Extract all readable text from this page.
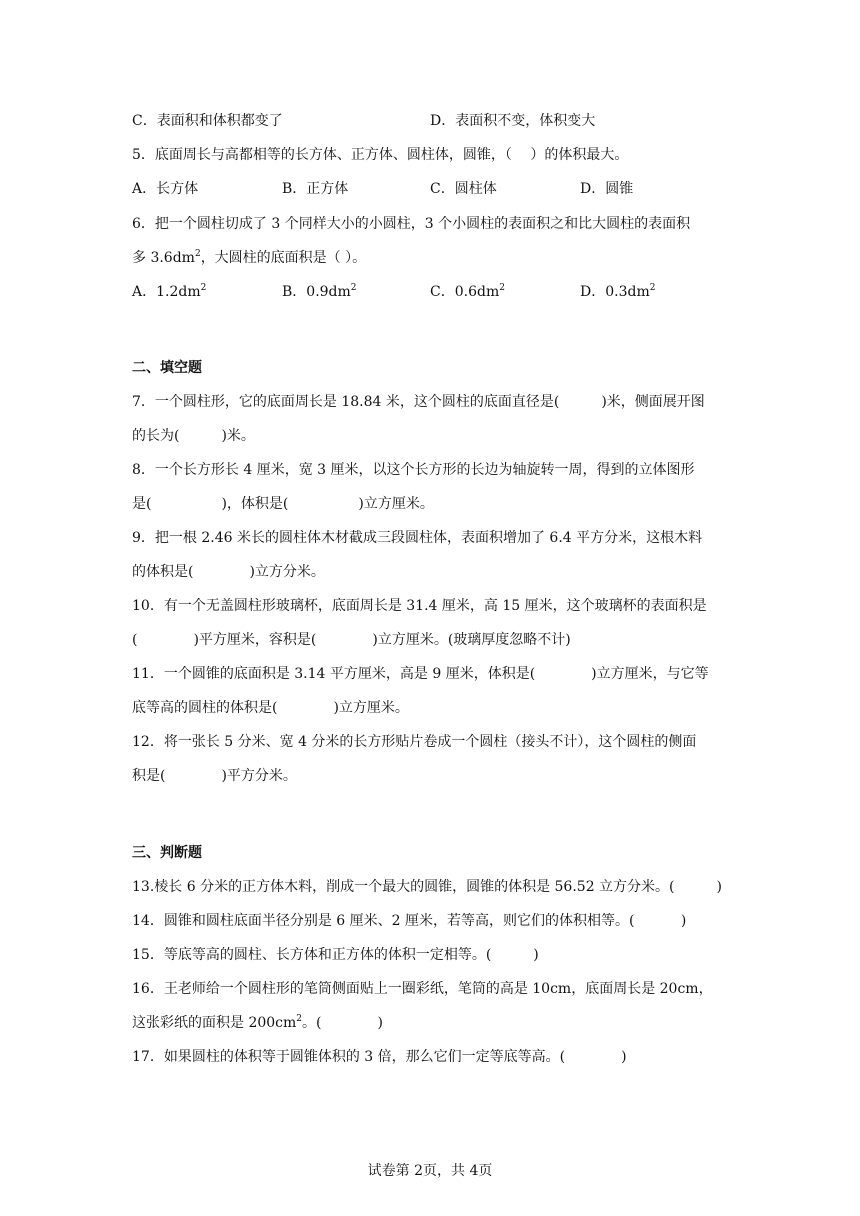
C．表面积和体积都变了	D．表面积不变，体积变大
5．底面周长与高都相等的长方体、正方体、圆柱体，圆锥，（　 ）的体积最大。
A．长方体	B．正方体	C．圆柱体	D．圆锥
6．把一个圆柱切成了 3 个同样大小的小圆柱，3 个小圆柱的表面积之和比大圆柱的表面积
多 $3.6dm^2$，大圆柱的底面积是（ ）。
A．$1.2dm^2$	B．$0.9dm^2$	C．$0.6dm^2$	D．$0.3dm^2$
二、填空题
7．一个圆柱形，它的底面周长是 18.84 米，这个圆柱的底面直径是(　　　)米，侧面展开图
的长为(　　　)米。
8．一个长方形长 4 厘米，宽 3 厘米，以这个长方形的长边为轴旋转一周，得到的立体图形
是(　　　　　)，体积是(　　　　　)立方厘米。
9．把一根 2.46 米长的圆柱体木材截成三段圆柱体，表面积增加了 6.4 平方分米，这根木料
的体积是(　　　　)立方分米。
10．有一个无盖圆柱形玻璃杯，底面周长是 31.4 厘米，高 15 厘米，这个玻璃杯的表面积是
(　　　　)平方厘米，容积是(　　　　)立方厘米。(玻璃厚度忽略不计)
11．一个圆锥的底面积是 3.14 平方厘米，高是 9 厘米，体积是(　　　　)立方厘米，与它等
底等高的圆柱的体积是(　　　　)立方厘米。
12．将一张长 5 分米、宽 4 分米的长方形贴片卷成一个圆柱（接头不计），这个圆柱的侧面
积是(　　　　)平方分米。
三、判断题
13.棱长 6 分米的正方体木料，削成一个最大的圆锥，圆锥的体积是 56.52 立方分米。(　　　)
14．圆锥和圆柱底面半径分别是 6 厘米、2 厘米，若等高，则它们的体积相等。(　　　 )
15．等底等高的圆柱、长方体和正方体的体积一定相等。(　　　)
16．王老师给一个圆柱形的笔筒侧面贴上一圈彩纸，笔筒的高是 10cm，底面周长是 20cm，
这张彩纸的面积是 $200cm^2$。(　　　　)
17．如果圆柱的体积等于圆锥体积的 3 倍，那么它们一定等底等高。(　　　　)
试卷第 2页，共 4页
